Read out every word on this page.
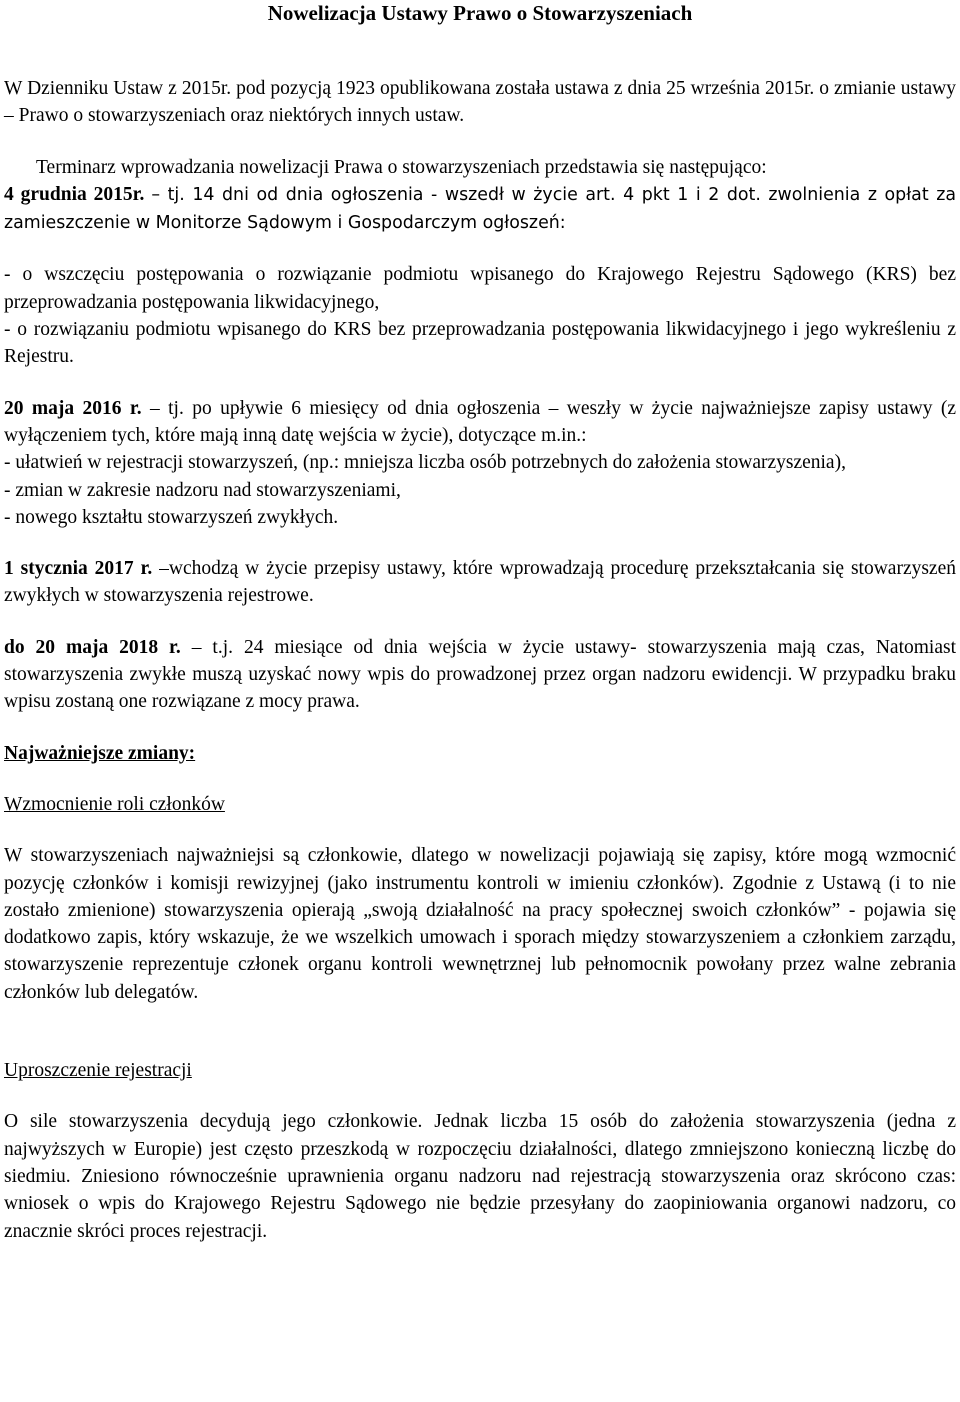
Nowelizacja Ustawy Prawo o Stowarzyszeniach

W Dzienniku Ustaw z 2015r. pod pozycją 1923 opublikowana została ustawa z dnia 25 września 2015r. o zmianie ustawy – Prawo o stowarzyszeniach oraz niektórych innych ustaw.

Terminarz wprowadzania nowelizacji Prawa o stowarzyszeniach przedstawia się następująco:

4 grudnia 2015r. – tj. 14 dni od dnia ogłoszenia - wszedł w życie art. 4 pkt 1 i 2 dot. zwolnienia z opłat za zamieszczenie w Monitorze Sądowym i Gospodarczym ogłoszeń:

- o wszczęciu postępowania o rozwiązanie podmiotu wpisanego do Krajowego Rejestru Sądowego (KRS) bez przeprowadzania postępowania likwidacyjnego,

- o rozwiązaniu podmiotu wpisanego do KRS bez przeprowadzania postępowania likwidacyjnego i jego wykreśleniu z Rejestru.

20 maja 2016 r. – tj. po upływie 6 miesięcy od dnia ogłoszenia – weszły w życie najważniejsze zapisy ustawy (z wyłączeniem tych, które mają inną datę wejścia w życie), dotyczące m.in.:

- ułatwień w rejestracji stowarzyszeń, (np.: mniejsza liczba osób potrzebnych do założenia stowarzyszenia),

- zmian w zakresie nadzoru nad stowarzyszeniami,

- nowego kształtu stowarzyszeń zwykłych.

1 stycznia 2017 r. –wchodzą w życie przepisy ustawy, które wprowadzają procedurę przekształcania się stowarzyszeń zwykłych w stowarzyszenia rejestrowe.

do 20 maja 2018 r. – t.j. 24 miesiące od dnia wejścia w życie ustawy- stowarzyszenia mają czas, Natomiast stowarzyszenia zwykłe muszą uzyskać nowy wpis do prowadzonej przez organ nadzoru ewidencji. W przypadku braku wpisu zostaną one rozwiązane z mocy prawa.

Najważniejsze zmiany:

Wzmocnienie roli członków

W stowarzyszeniach najważniejsi są członkowie, dlatego w nowelizacji pojawiają się zapisy, które mogą wzmocnić pozycję członków i komisji rewizyjnej (jako instrumentu kontroli w imieniu członków). Zgodnie z Ustawą (i to nie zostało zmienione) stowarzyszenia opierają „swoją działalność na pracy społecznej swoich członków” - pojawia się dodatkowo zapis, który wskazuje, że we wszelkich umowach i sporach między stowarzyszeniem a członkiem zarządu, stowarzyszenie reprezentuje członek organu kontroli wewnętrznej lub pełnomocnik powołany przez walne zebrania członków lub delegatów.

Uproszczenie rejestracji

O sile stowarzyszenia decydują jego członkowie. Jednak liczba 15 osób do założenia stowarzyszenia (jedna z najwyższych w Europie) jest często przeszkodą w rozpoczęciu działalności, dlatego zmniejszono konieczną liczbę do siedmiu. Zniesiono równocześnie uprawnienia organu nadzoru nad rejestracją stowarzyszenia oraz skrócono czas: wniosek o wpis do Krajowego Rejestru Sądowego nie będzie przesyłany do zaopiniowania organowi nadzoru, co znacznie skróci proces rejestracji.
